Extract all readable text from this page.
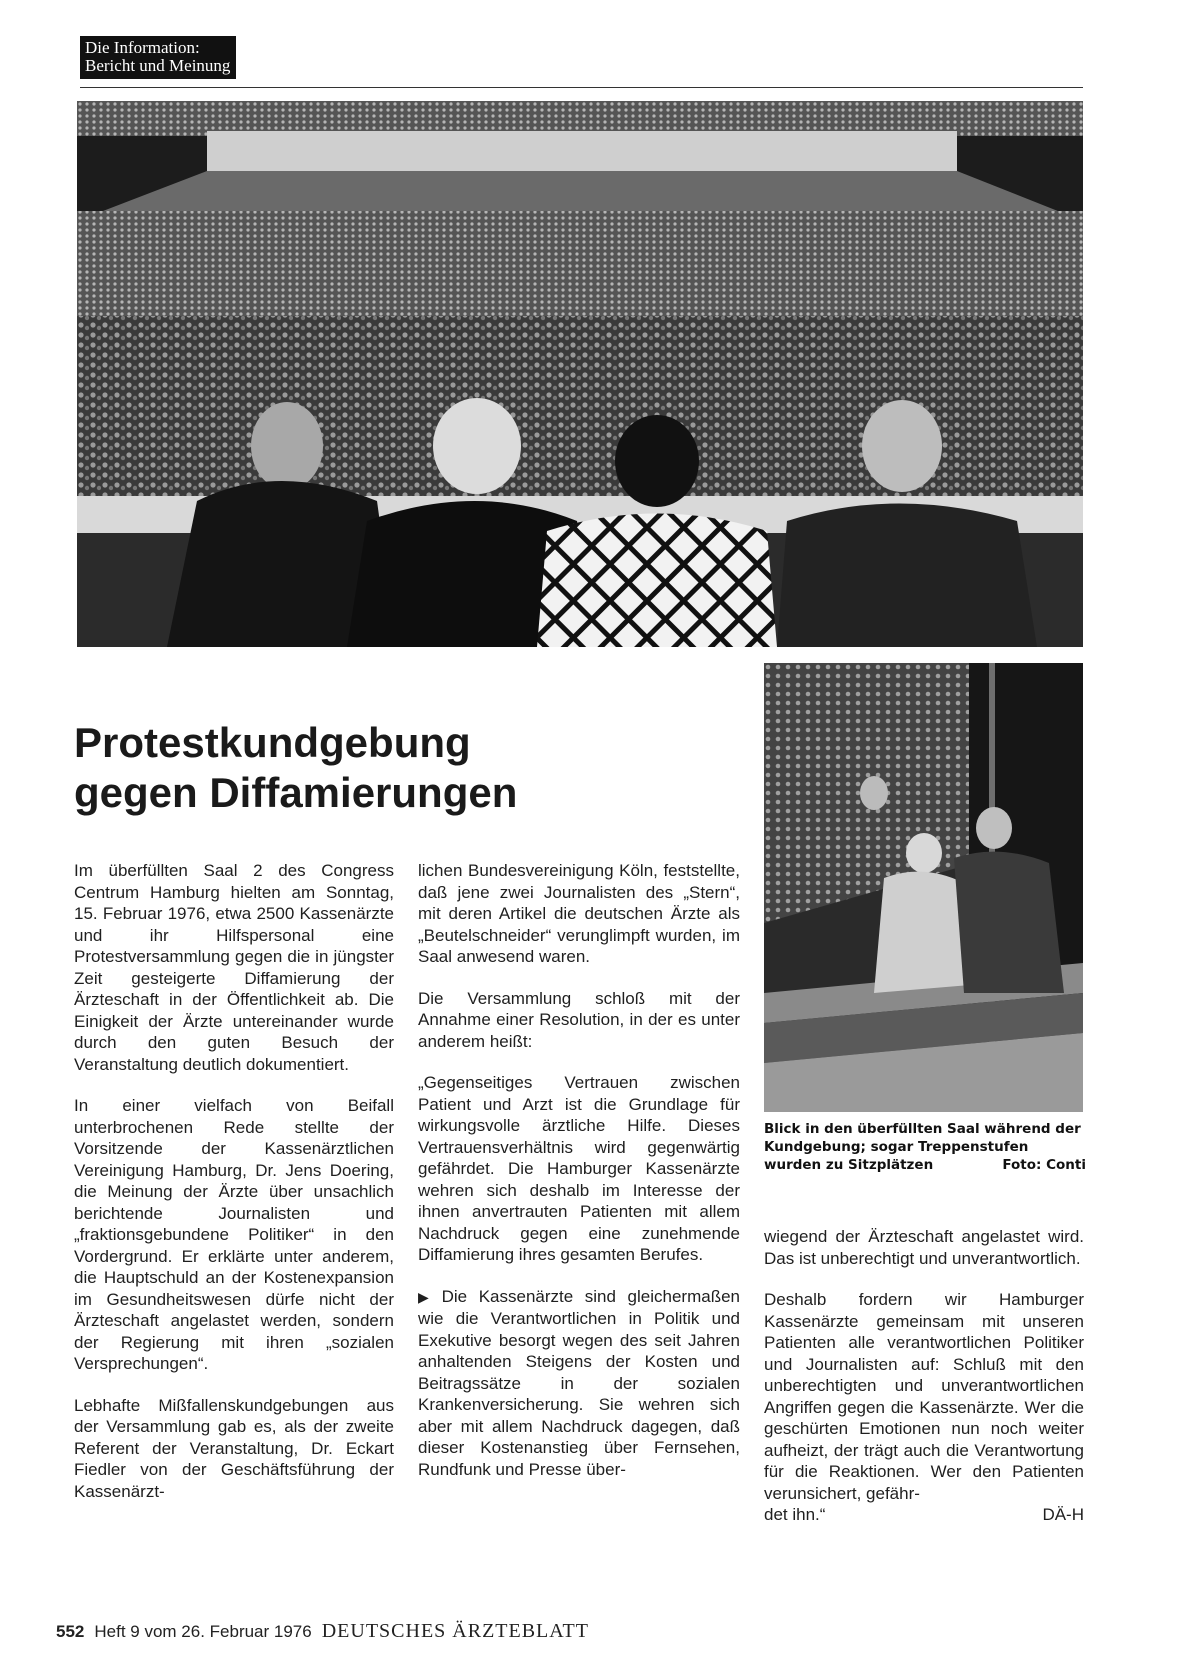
Die Information:
Bericht und Meinung
Protestkundgebung
gegen Diffamierungen
Blick in den überfüllten Saal während der Kundgebung; sogar Treppenstufen wurden zu Sitzplätzen	Foto: Conti

Im überfüllten Saal 2 des Congress Centrum Hamburg hielten am Sonntag, 15. Februar 1976, etwa 2500 Kassenärzte und ihr Hilfspersonal eine Protestversammlung gegen die in jüngster Zeit gesteigerte Diffamierung der Ärzteschaft in der Öffentlichkeit ab. Die Einigkeit der Ärzte untereinander wurde durch den guten Besuch der Veranstaltung deutlich dokumentiert.

In einer vielfach von Beifall unterbrochenen Rede stellte der Vorsitzende der Kassenärztlichen Vereinigung Hamburg, Dr. Jens Doering, die Meinung der Ärzte über unsachlich berichtende Journalisten und „fraktionsgebundene Politiker“ in den Vordergrund. Er erklärte unter anderem, die Hauptschuld an der Kostenexpansion im Gesundheitswesen dürfe nicht der Ärzteschaft angelastet werden, sondern der Regierung mit ihren „sozialen Versprechungen“.

Lebhafte Mißfallenskundgebungen aus der Versammlung gab es, als der zweite Referent der Veranstaltung, Dr. Eckart Fiedler von der Geschäftsführung der Kassenärzt-

lichen Bundesvereinigung Köln, feststellte, daß jene zwei Journalisten des „Stern“, mit deren Artikel die deutschen Ärzte als „Beutelschneider“ verunglimpft wurden, im Saal anwesend waren.

Die Versammlung schloß mit der Annahme einer Resolution, in der es unter anderem heißt:

„Gegenseitiges Vertrauen zwischen Patient und Arzt ist die Grundlage für wirkungsvolle ärztliche Hilfe. Dieses Vertrauensverhältnis wird gegenwärtig gefährdet. Die Hamburger Kassenärzte wehren sich deshalb im Interesse der ihnen anvertrauten Patienten mit allem Nachdruck gegen eine zunehmende Diffamierung ihres gesamten Berufes.

▶ Die Kassenärzte sind gleichermaßen wie die Verantwortlichen in Politik und Exekutive besorgt wegen des seit Jahren anhaltenden Steigens der Kosten und Beitragssätze in der sozialen Krankenversicherung. Sie wehren sich aber mit allem Nachdruck dagegen, daß dieser Kostenanstieg über Fernsehen, Rundfunk und Presse über-

wiegend der Ärzteschaft angelastet wird. Das ist unberechtigt und unverantwortlich.

Deshalb fordern wir Hamburger Kassenärzte gemeinsam mit unseren Patienten alle verantwortlichen Politiker und Journalisten auf: Schluß mit den unberechtigten und unverantwortlichen Angriffen gegen die Kassenärzte. Wer die geschürten Emotionen nun noch weiter aufheizt, der trägt auch die Verantwortung für die Reaktionen. Wer den Patienten verunsichert, gefähr-

det ihn.“	DÄ-H
552 Heft 9 vom 26. Februar 1976 DEUTSCHES ÄRZTEBLATT
